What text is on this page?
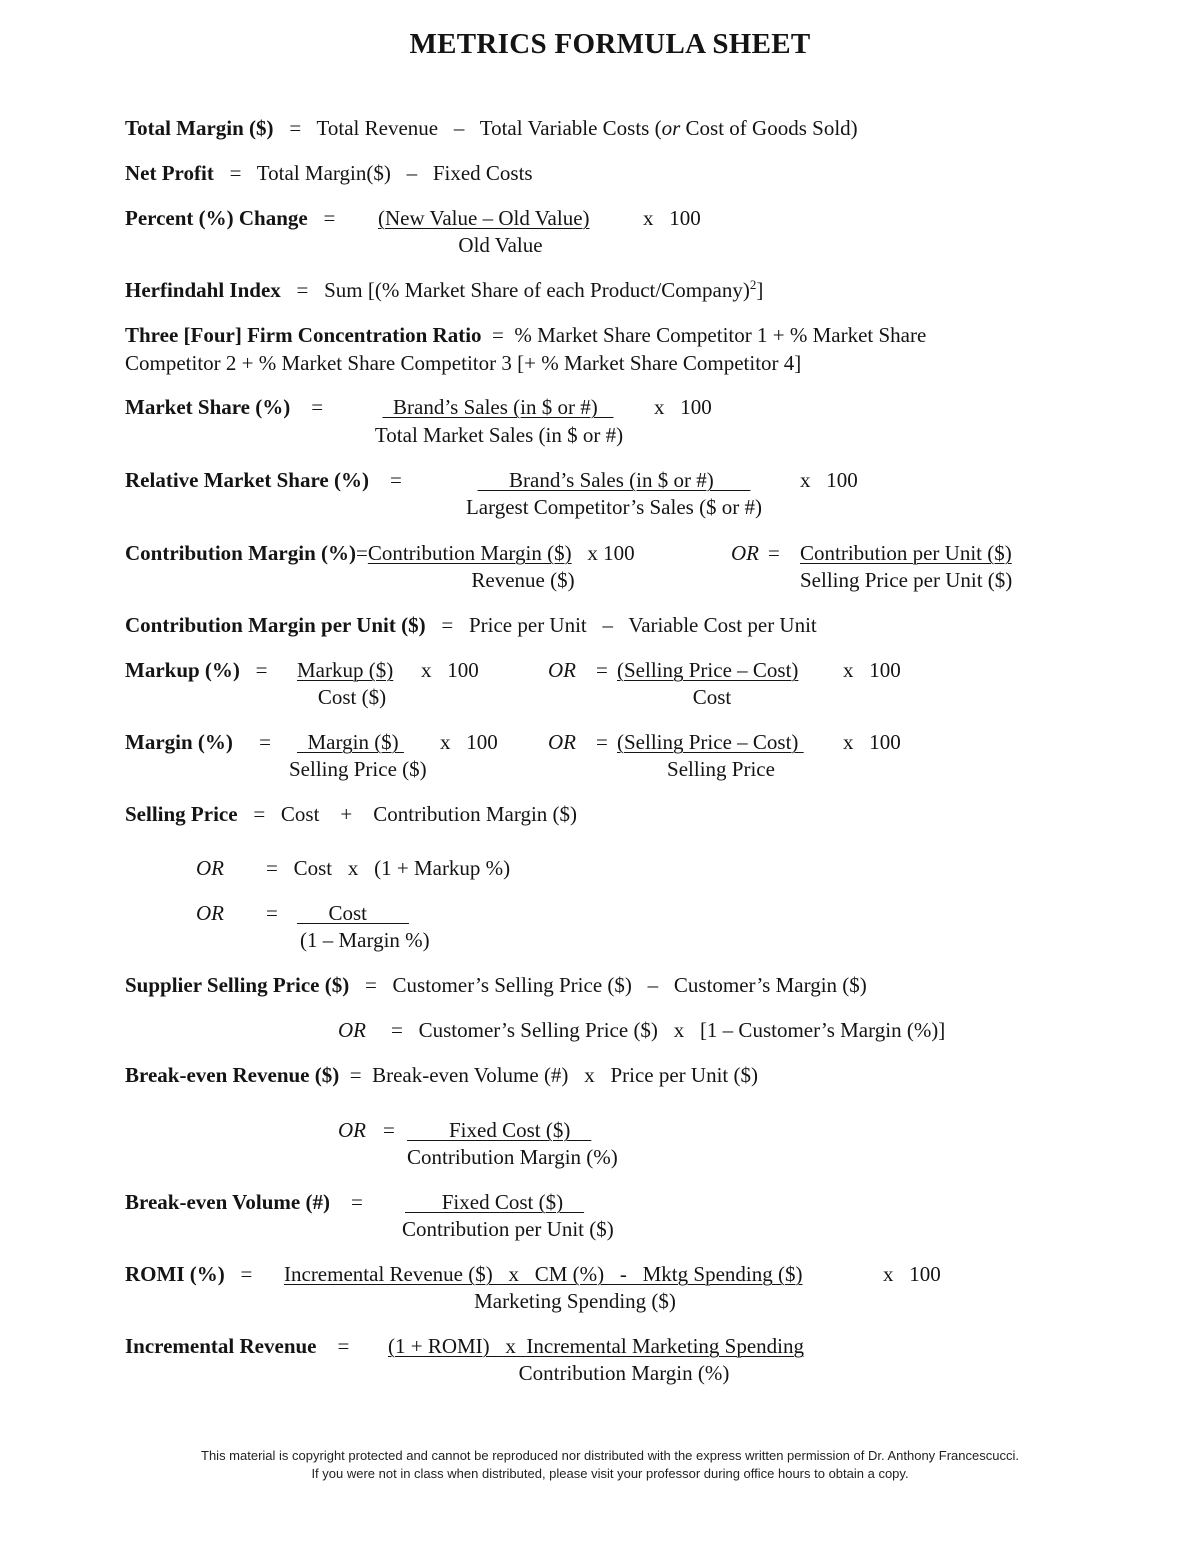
METRICS FORMULA SHEET
Total Margin ($) = Total Revenue – Total Variable Costs (or Cost of Goods Sold)
Net Profit = Total Margin($) – Fixed Costs
Percent (%) Change = (New Value – Old Value)	x 100
Old Value
Herfindahl Index = Sum [(% Market Share of each Product/Company)$^2$]
Three [Four] Firm Concentration Ratio = % Market Share Competitor 1 + % Market Share
Competitor 2 + % Market Share Competitor 3 [+ % Market Share Competitor 4]
Market Share (%) =	Brand’s Sales (in $ or #)	x 100
Total Market Sales (in $ or #)
Relative Market Share (%) =	Brand’s Sales (in $ or #)	x 100
Largest Competitor’s Sales ($ or #)
Contribution Margin (%)=Contribution Margin ($) x 100	OR = Contribution per Unit ($)
Revenue ($)	Selling Price per Unit ($)
Contribution Margin per Unit ($) = Price per Unit – Variable Cost per Unit
Markup (%) = Markup ($) x 100
Cost ($)
OR = (Selling Price – Cost) x 100
Cost
Margin (%) = Margin ($) x 100
Selling Price ($)
OR = (Selling Price – Cost) x 100
Selling Price
Selling Price = Cost + Contribution Margin ($)
OR = Cost x (1 + Markup %)
OR = Cost
(1 – Margin %)
Supplier Selling Price ($) = Customer’s Selling Price ($) – Customer’s Margin ($)
OR = Customer’s Selling Price ($) x [1 – Customer’s Margin (%)]
Break-even Revenue ($) = Break-even Volume (#) x Price per Unit ($)
OR = Fixed Cost ($)
Contribution Margin (%)
Break-even Volume (#) = Fixed Cost ($)
Contribution per Unit ($)
ROMI (%) = Incremental Revenue ($)   x   CM (%)   -   Mktg Spending ($)	x 100
Marketing Spending ($)
Incremental Revenue = (1 + ROMI)   x  Incremental Marketing Spending
Contribution Margin (%)
This material is copyright protected and cannot be reproduced nor distributed with the express written permission of Dr. Anthony Francescucci.
If you were not in class when distributed, please visit your professor during office hours to obtain a copy.
